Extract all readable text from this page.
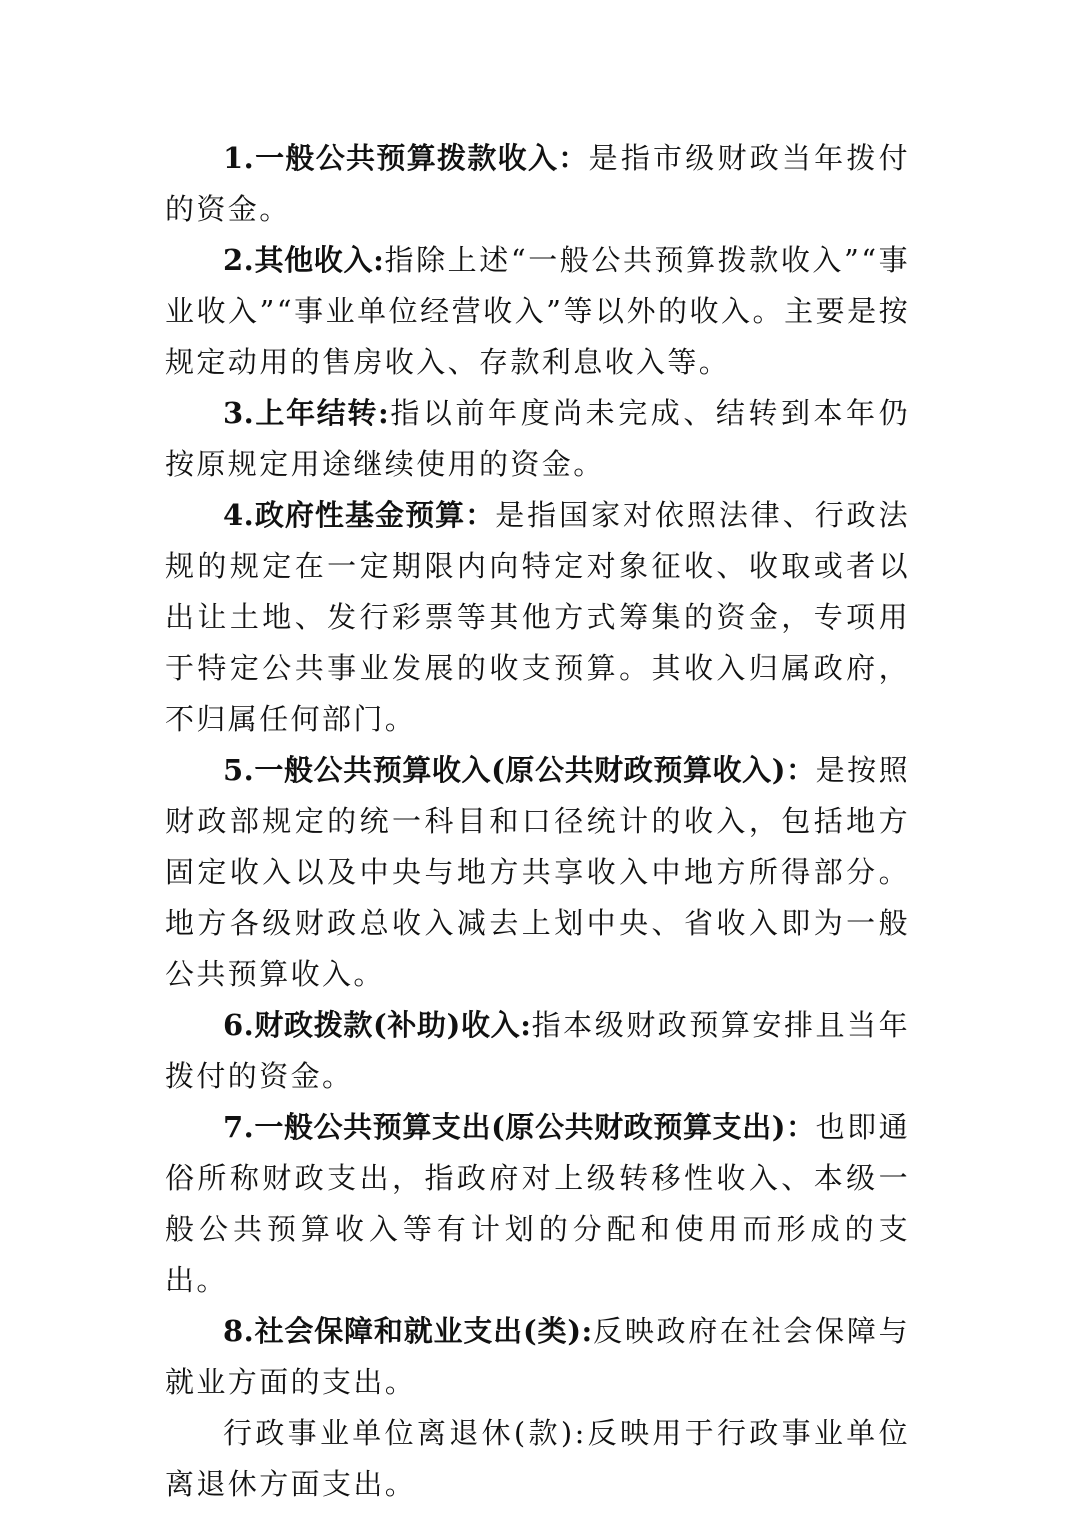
1.一般公共预算拨款收入：是指市级财政当年拨付的资金。

2.其他收入:指除上述“一般公共预算拨款收入”“事业收入”“事业单位经营收入”等以外的收入。主要是按规定动用的售房收入、存款利息收入等。

3.上年结转:指以前年度尚未完成、结转到本年仍按原规定用途继续使用的资金。

4.政府性基金预算：是指国家对依照法律、行政法规的规定在一定期限内向特定对象征收、收取或者以出让土地、发行彩票等其他方式筹集的资金，专项用于特定公共事业发展的收支预算。其收入归属政府，不归属任何部门。

5.一般公共预算收入(原公共财政预算收入)：是按照财政部规定的统一科目和口径统计的收入，包括地方固定收入以及中央与地方共享收入中地方所得部分。地方各级财政总收入减去上划中央、省收入即为一般公共预算收入。

6.财政拨款(补助)收入:指本级财政预算安排且当年拨付的资金。

7.一般公共预算支出(原公共财政预算支出)：也即通俗所称财政支出，指政府对上级转移性收入、本级一般公共预算收入等有计划的分配和使用而形成的支出。

8.社会保障和就业支出(类):反映政府在社会保障与就业方面的支出。

行政事业单位离退休(款):反映用于行政事业单位离退休方面支出。
